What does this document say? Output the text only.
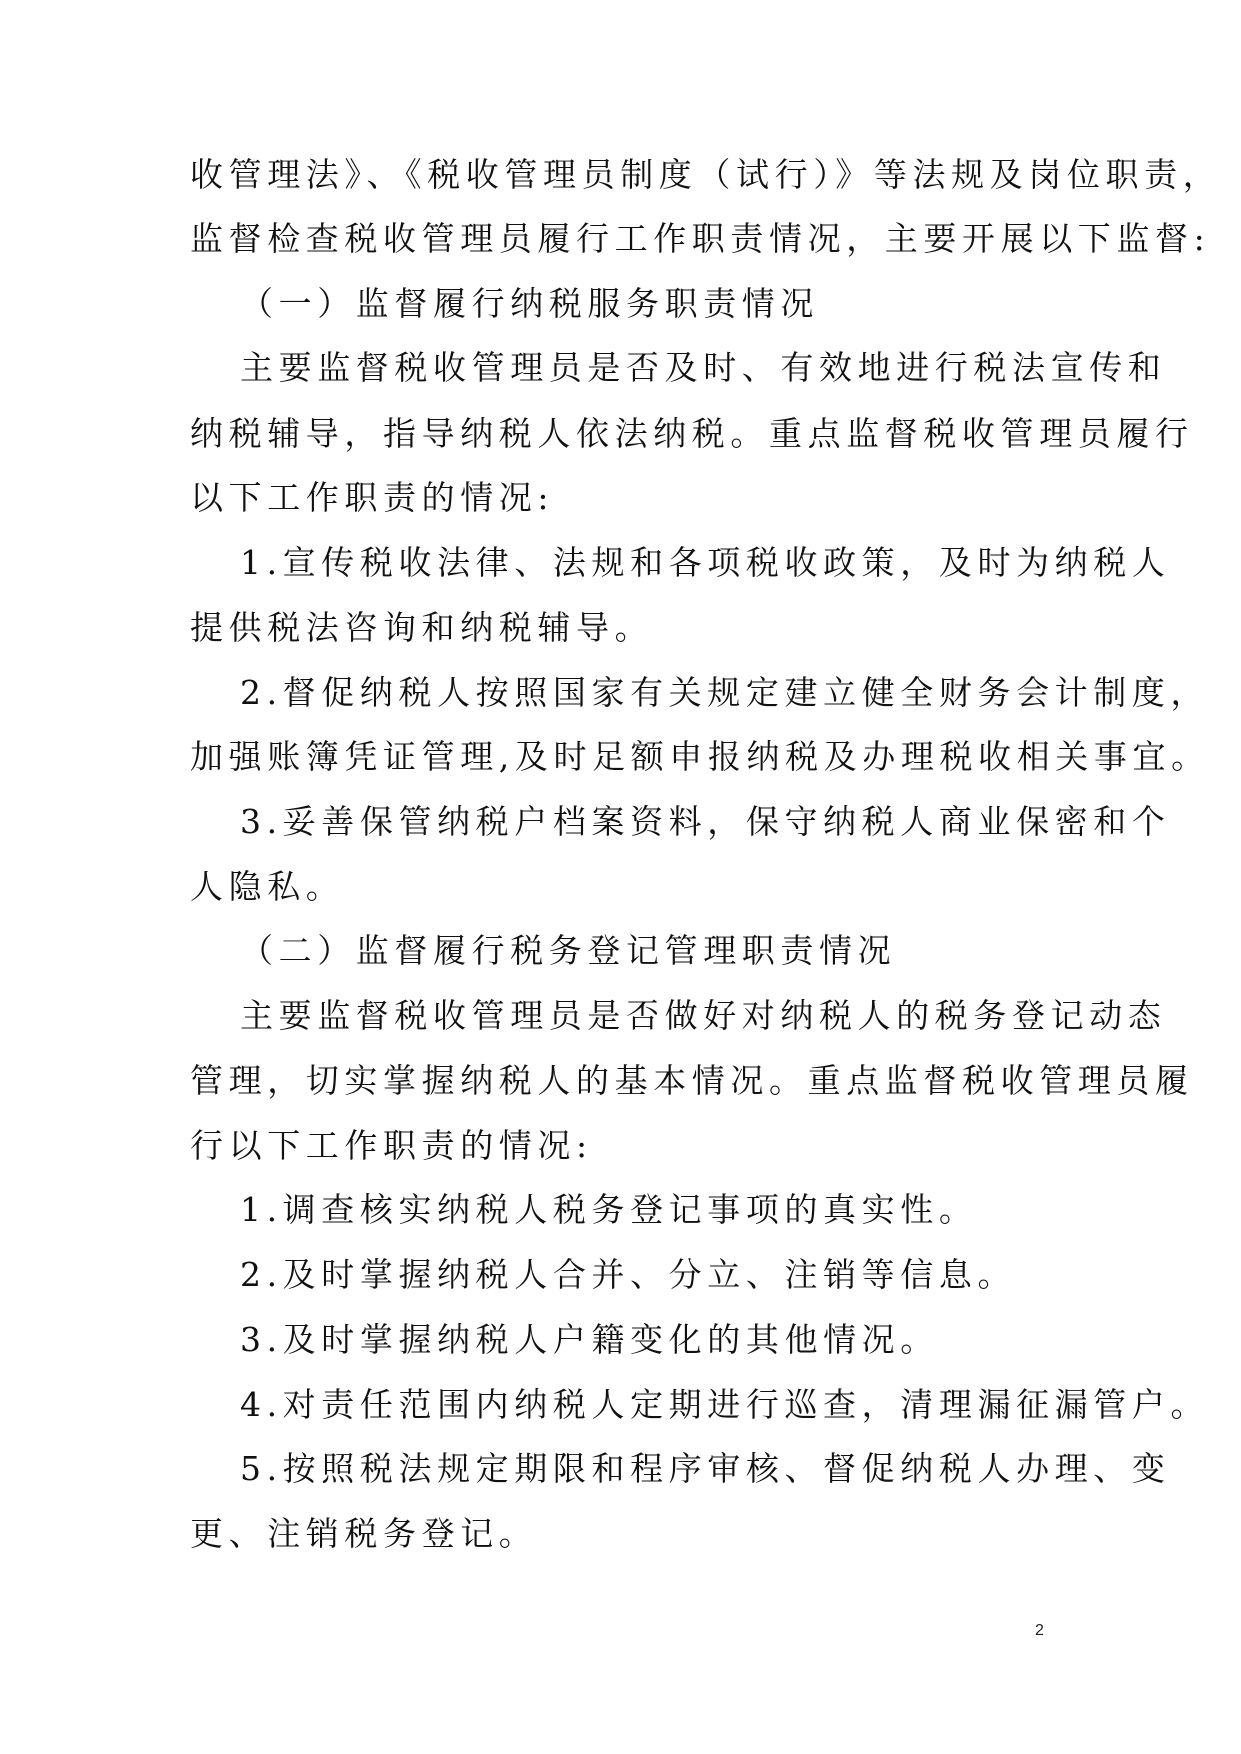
收管理法》、《税收管理员制度（试行）》等法规及岗位职责，
监督检查税收管理员履行工作职责情况，主要开展以下监督:
（一）监督履行纳税服务职责情况
主要监督税收管理员是否及时、有效地进行税法宣传和
纳税辅导，指导纳税人依法纳税。重点监督税收管理员履行
以下工作职责的情况:
1.宣传税收法律、法规和各项税收政策，及时为纳税人
提供税法咨询和纳税辅导。
2.督促纳税人按照国家有关规定建立健全财务会计制度，
加强账簿凭证管理,及时足额申报纳税及办理税收相关事宜。
3.妥善保管纳税户档案资料，保守纳税人商业保密和个
人隐私。
（二）监督履行税务登记管理职责情况
主要监督税收管理员是否做好对纳税人的税务登记动态
管理，切实掌握纳税人的基本情况。重点监督税收管理员履
行以下工作职责的情况:
1.调查核实纳税人税务登记事项的真实性。
2.及时掌握纳税人合并、分立、注销等信息。
3.及时掌握纳税人户籍变化的其他情况。
4.对责任范围内纳税人定期进行巡查，清理漏征漏管户。
5.按照税法规定期限和程序审核、督促纳税人办理、变
更、注销税务登记。
2
